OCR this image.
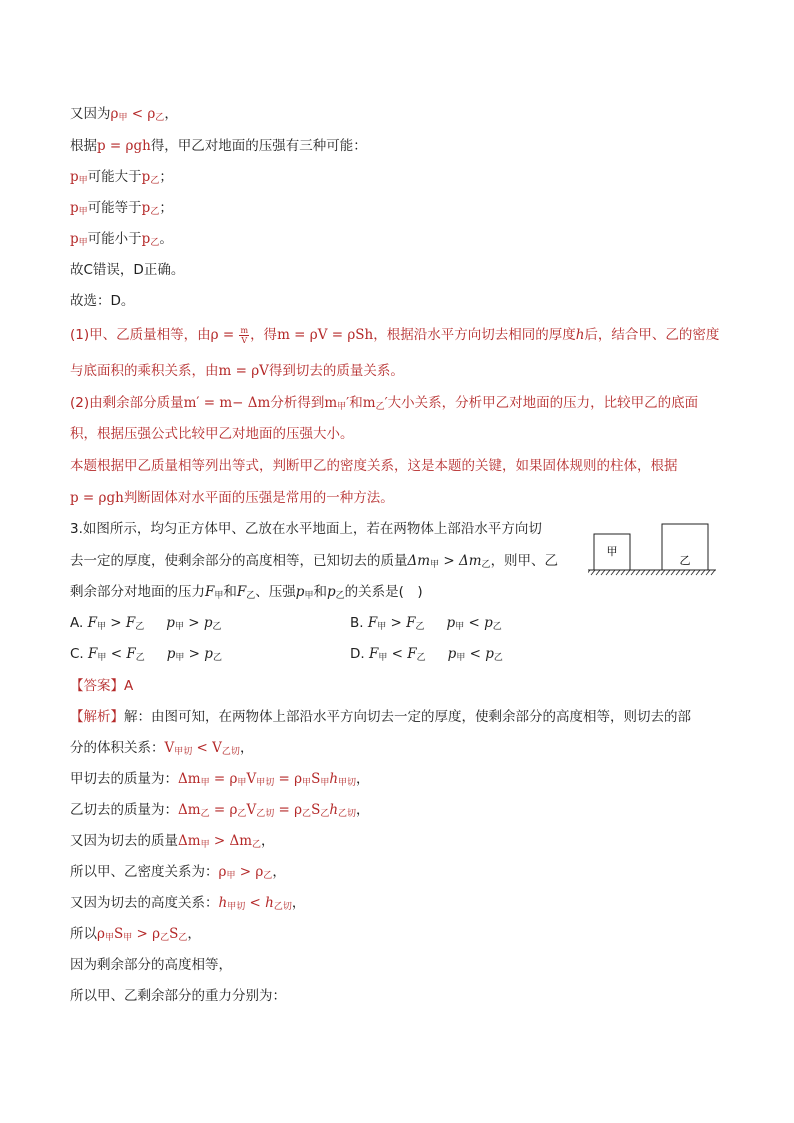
又因为$\rho_甲 < \rho_乙$，
根据p = ρgh得，甲乙对地面的压强有三种可能：
$p_甲$可能大于$p_乙$；
$p_甲$可能等于$p_乙$；
$p_甲$可能小于$p_乙$。
故C错误，D正确。
故选：D。
(1)甲、乙质量相等，由$\rho = \frac{m}{V}$ ，得m = ρV = ρSh，根据沿水平方向切去相同的厚度h后，结合甲、乙的密度
与底面积的乘积关系，由m = ρV得到切去的质量关系。
(2)由剩余部分质量m′ = m− Δm分析得到$m_甲'$和$m_乙'$大小关系，分析甲乙对地面的压力，比较甲乙的底面
积，根据压强公式比较甲乙对地面的压强大小。
本题根据甲乙质量相等列出等式，判断甲乙的密度关系，这是本题的关键，如果固体规则的柱体，根据
p = ρgh判断固体对水平面的压强是常用的一种方法。
3.如图所示，均匀正方体甲、乙放在水平地面上，若在两物体上部沿水平方向切
去一定的厚度，使剩余部分的高度相等，已知切去的质量$\Delta m_甲 > \Delta m_乙$，则甲、乙
剩余部分对地面的压力$F_甲$和$F_乙$、压强$p_甲$和$p_乙$的关系是(　)
甲
乙
A. $F_甲 > F_乙$ $p_甲 > p_乙$	B. $F_甲 > F_乙$ $p_甲 < p_乙$
C. $F_甲 < F_乙$ $p_甲 > p_乙$	D. $F_甲 < F_乙$ $p_甲 < p_乙$
【答案】A
【解析】解：由图可知，在两物体上部沿水平方向切去一定的厚度，使剩余部分的高度相等，则切去的部
分的体积关系：$V_{甲切} < V_{乙切}$，
甲切去的质量为：$\Delta m_甲 = \rho_甲V_{甲切} = \rho_甲S_甲h_{甲切}$，
乙切去的质量为：$\Delta m_乙 = \rho_乙V_{乙切} = \rho_乙S_乙h_{乙切}$，
又因为切去的质量$\Delta m_甲 > \Delta m_乙$，
所以甲、乙密度关系为：$\rho_甲 > \rho_乙$，
又因为切去的高度关系：$h_{甲切} < h_{乙切}$，
所以$\rho_甲S_甲 > \rho_乙S_乙$，
因为剩余部分的高度相等，
所以甲、乙剩余部分的重力分别为：
